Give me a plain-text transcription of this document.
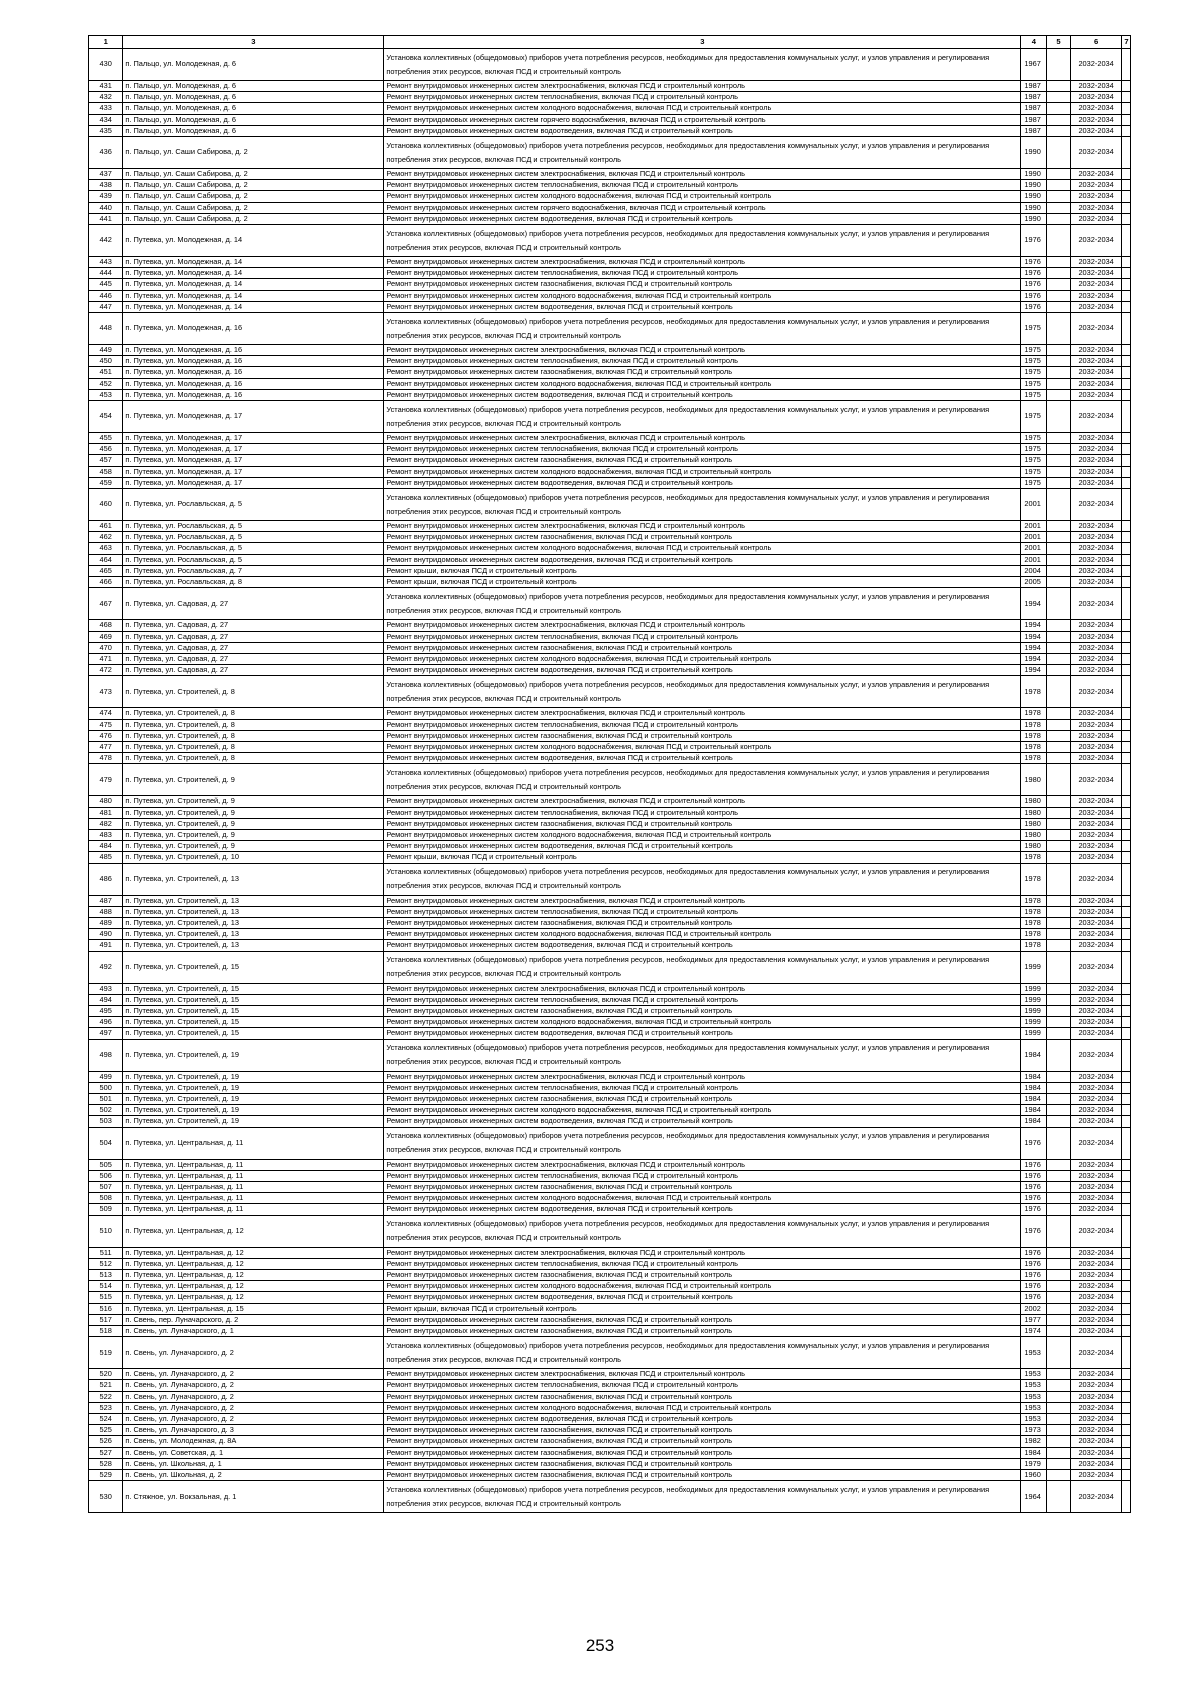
1	3	3	4	5	6	7
430	п. Пальцо, ул. Молодежная, д. 6	Установка коллективных (общедомовых) приборов учета потребления ресурсов, необходимых для предоставления коммунальных услуг, и узлов управления и регулирования потребления этих ресурсов, включая ПСД и строительный контроль	1967		2032-2034	
431	п. Пальцо, ул. Молодежная, д. 6	Ремонт внутридомовых инженерных систем электроснабжения, включая ПСД и строительный контроль	1987		2032-2034	
432	п. Пальцо, ул. Молодежная, д. 6	Ремонт внутридомовых инженерных систем теплоснабжения, включая ПСД и строительный контроль	1987		2032-2034	
433	п. Пальцо, ул. Молодежная, д. 6	Ремонт внутридомовых инженерных систем холодного водоснабжения, включая ПСД и строительный контроль	1987		2032-2034	
434	п. Пальцо, ул. Молодежная, д. 6	Ремонт внутридомовых инженерных систем горячего водоснабжения, включая ПСД и строительный контроль	1987		2032-2034	
435	п. Пальцо, ул. Молодежная, д. 6	Ремонт внутридомовых инженерных систем водоотведения, включая ПСД и строительный контроль	1987		2032-2034	
436	п. Пальцо, ул. Саши Сабирова, д. 2	Установка коллективных (общедомовых) приборов учета потребления ресурсов, необходимых для предоставления коммунальных услуг, и узлов управления и регулирования потребления этих ресурсов, включая ПСД и строительный контроль	1990		2032-2034	
437	п. Пальцо, ул. Саши Сабирова, д. 2	Ремонт внутридомовых инженерных систем электроснабжения, включая ПСД и строительный контроль	1990		2032-2034	
438	п. Пальцо, ул. Саши Сабирова, д. 2	Ремонт внутридомовых инженерных систем теплоснабжения, включая ПСД и строительный контроль	1990		2032-2034	
439	п. Пальцо, ул. Саши Сабирова, д. 2	Ремонт внутридомовых инженерных систем холодного водоснабжения, включая ПСД и строительный контроль	1990		2032-2034	
440	п. Пальцо, ул. Саши Сабирова, д. 2	Ремонт внутридомовых инженерных систем горячего водоснабжения, включая ПСД и строительный контроль	1990		2032-2034	
441	п. Пальцо, ул. Саши Сабирова, д. 2	Ремонт внутридомовых инженерных систем водоотведения, включая ПСД и строительный контроль	1990		2032-2034	
442	п. Путевка, ул. Молодежная, д. 14	Установка коллективных (общедомовых) приборов учета потребления ресурсов, необходимых для предоставления коммунальных услуг, и узлов управления и регулирования потребления этих ресурсов, включая ПСД и строительный контроль	1976		2032-2034	
443	п. Путевка, ул. Молодежная, д. 14	Ремонт внутридомовых инженерных систем электроснабжения, включая ПСД и строительный контроль	1976		2032-2034	
444	п. Путевка, ул. Молодежная, д. 14	Ремонт внутридомовых инженерных систем теплоснабжения, включая ПСД и строительный контроль	1976		2032-2034	
445	п. Путевка, ул. Молодежная, д. 14	Ремонт внутридомовых инженерных систем газоснабжения, включая ПСД и строительный контроль	1976		2032-2034	
446	п. Путевка, ул. Молодежная, д. 14	Ремонт внутридомовых инженерных систем холодного водоснабжения, включая ПСД и строительный контроль	1976		2032-2034	
447	п. Путевка, ул. Молодежная, д. 14	Ремонт внутридомовых инженерных систем водоотведения, включая ПСД и строительный контроль	1976		2032-2034	
448	п. Путевка, ул. Молодежная, д. 16	Установка коллективных (общедомовых) приборов учета потребления ресурсов, необходимых для предоставления коммунальных услуг, и узлов управления и регулирования потребления этих ресурсов, включая ПСД и строительный контроль	1975		2032-2034	
449	п. Путевка, ул. Молодежная, д. 16	Ремонт внутридомовых инженерных систем электроснабжения, включая ПСД и строительный контроль	1975		2032-2034	
450	п. Путевка, ул. Молодежная, д. 16	Ремонт внутридомовых инженерных систем теплоснабжения, включая ПСД и строительный контроль	1975		2032-2034	
451	п. Путевка, ул. Молодежная, д. 16	Ремонт внутридомовых инженерных систем газоснабжения, включая ПСД и строительный контроль	1975		2032-2034	
452	п. Путевка, ул. Молодежная, д. 16	Ремонт внутридомовых инженерных систем холодного водоснабжения, включая ПСД и строительный контроль	1975		2032-2034	
453	п. Путевка, ул. Молодежная, д. 16	Ремонт внутридомовых инженерных систем водоотведения, включая ПСД и строительный контроль	1975		2032-2034	
454	п. Путевка, ул. Молодежная, д. 17	Установка коллективных (общедомовых) приборов учета потребления ресурсов, необходимых для предоставления коммунальных услуг, и узлов управления и регулирования потребления этих ресурсов, включая ПСД и строительный контроль	1975		2032-2034	
455	п. Путевка, ул. Молодежная, д. 17	Ремонт внутридомовых инженерных систем электроснабжения, включая ПСД и строительный контроль	1975		2032-2034	
456	п. Путевка, ул. Молодежная, д. 17	Ремонт внутридомовых инженерных систем теплоснабжения, включая ПСД и строительный контроль	1975		2032-2034	
457	п. Путевка, ул. Молодежная, д. 17	Ремонт внутридомовых инженерных систем газоснабжения, включая ПСД и строительный контроль	1975		2032-2034	
458	п. Путевка, ул. Молодежная, д. 17	Ремонт внутридомовых инженерных систем холодного водоснабжения, включая ПСД и строительный контроль	1975		2032-2034	
459	п. Путевка, ул. Молодежная, д. 17	Ремонт внутридомовых инженерных систем водоотведения, включая ПСД и строительный контроль	1975		2032-2034	
460	п. Путевка, ул. Рославльская, д. 5	Установка коллективных (общедомовых) приборов учета потребления ресурсов, необходимых для предоставления коммунальных услуг, и узлов управления и регулирования потребления этих ресурсов, включая ПСД и строительный контроль	2001		2032-2034	
461	п. Путевка, ул. Рославльская, д. 5	Ремонт внутридомовых инженерных систем электроснабжения, включая ПСД и строительный контроль	2001		2032-2034	
462	п. Путевка, ул. Рославльская, д. 5	Ремонт внутридомовых инженерных систем газоснабжения, включая ПСД и строительный контроль	2001		2032-2034	
463	п. Путевка, ул. Рославльская, д. 5	Ремонт внутридомовых инженерных систем холодного водоснабжения, включая ПСД и строительный контроль	2001		2032-2034	
464	п. Путевка, ул. Рославльская, д. 5	Ремонт внутридомовых инженерных систем водоотведения, включая ПСД и строительный контроль	2001		2032-2034	
465	п. Путевка, ул. Рославльская, д. 7	Ремонт крыши, включая ПСД и строительный контроль	2004		2032-2034	
466	п. Путевка, ул. Рославльская, д. 8	Ремонт крыши, включая ПСД и строительный контроль	2005		2032-2034	
467	п. Путевка, ул. Садовая, д. 27	Установка коллективных (общедомовых) приборов учета потребления ресурсов, необходимых для предоставления коммунальных услуг, и узлов управления и регулирования потребления этих ресурсов, включая ПСД и строительный контроль	1994		2032-2034	
468	п. Путевка, ул. Садовая, д. 27	Ремонт внутридомовых инженерных систем электроснабжения, включая ПСД и строительный контроль	1994		2032-2034	
469	п. Путевка, ул. Садовая, д. 27	Ремонт внутридомовых инженерных систем теплоснабжения, включая ПСД и строительный контроль	1994		2032-2034	
470	п. Путевка, ул. Садовая, д. 27	Ремонт внутридомовых инженерных систем газоснабжения, включая ПСД и строительный контроль	1994		2032-2034	
471	п. Путевка, ул. Садовая, д. 27	Ремонт внутридомовых инженерных систем холодного водоснабжения, включая ПСД и строительный контроль	1994		2032-2034	
472	п. Путевка, ул. Садовая, д. 27	Ремонт внутридомовых инженерных систем водоотведения, включая ПСД и строительный контроль	1994		2032-2034	
473	п. Путевка, ул. Строителей, д. 8	Установка коллективных (общедомовых) приборов учета потребления ресурсов, необходимых для предоставления коммунальных услуг, и узлов управления и регулирования потребления этих ресурсов, включая ПСД и строительный контроль	1978		2032-2034	
474	п. Путевка, ул. Строителей, д. 8	Ремонт внутридомовых инженерных систем электроснабжения, включая ПСД и строительный контроль	1978		2032-2034	
475	п. Путевка, ул. Строителей, д. 8	Ремонт внутридомовых инженерных систем теплоснабжения, включая ПСД и строительный контроль	1978		2032-2034	
476	п. Путевка, ул. Строителей, д. 8	Ремонт внутридомовых инженерных систем газоснабжения, включая ПСД и строительный контроль	1978		2032-2034	
477	п. Путевка, ул. Строителей, д. 8	Ремонт внутридомовых инженерных систем холодного водоснабжения, включая ПСД и строительный контроль	1978		2032-2034	
478	п. Путевка, ул. Строителей, д. 8	Ремонт внутридомовых инженерных систем водоотведения, включая ПСД и строительный контроль	1978		2032-2034	
479	п. Путевка, ул. Строителей, д. 9	Установка коллективных (общедомовых) приборов учета потребления ресурсов, необходимых для предоставления коммунальных услуг, и узлов управления и регулирования потребления этих ресурсов, включая ПСД и строительный контроль	1980		2032-2034	
480	п. Путевка, ул. Строителей, д. 9	Ремонт внутридомовых инженерных систем электроснабжения, включая ПСД и строительный контроль	1980		2032-2034	
481	п. Путевка, ул. Строителей, д. 9	Ремонт внутридомовых инженерных систем теплоснабжения, включая ПСД и строительный контроль	1980		2032-2034	
482	п. Путевка, ул. Строителей, д. 9	Ремонт внутридомовых инженерных систем газоснабжения, включая ПСД и строительный контроль	1980		2032-2034	
483	п. Путевка, ул. Строителей, д. 9	Ремонт внутридомовых инженерных систем холодного водоснабжения, включая ПСД и строительный контроль	1980		2032-2034	
484	п. Путевка, ул. Строителей, д. 9	Ремонт внутридомовых инженерных систем водоотведения, включая ПСД и строительный контроль	1980		2032-2034	
485	п. Путевка, ул. Строителей, д. 10	Ремонт крыши, включая ПСД и строительный контроль	1978		2032-2034	
486	п. Путевка, ул. Строителей, д. 13	Установка коллективных (общедомовых) приборов учета потребления ресурсов, необходимых для предоставления коммунальных услуг, и узлов управления и регулирования потребления этих ресурсов, включая ПСД и строительный контроль	1978		2032-2034	
487	п. Путевка, ул. Строителей, д. 13	Ремонт внутридомовых инженерных систем электроснабжения, включая ПСД и строительный контроль	1978		2032-2034	
488	п. Путевка, ул. Строителей, д. 13	Ремонт внутридомовых инженерных систем теплоснабжения, включая ПСД и строительный контроль	1978		2032-2034	
489	п. Путевка, ул. Строителей, д. 13	Ремонт внутридомовых инженерных систем газоснабжения, включая ПСД и строительный контроль	1978		2032-2034	
490	п. Путевка, ул. Строителей, д. 13	Ремонт внутридомовых инженерных систем холодного водоснабжения, включая ПСД и строительный контроль	1978		2032-2034	
491	п. Путевка, ул. Строителей, д. 13	Ремонт внутридомовых инженерных систем водоотведения, включая ПСД и строительный контроль	1978		2032-2034	
492	п. Путевка, ул. Строителей, д. 15	Установка коллективных (общедомовых) приборов учета потребления ресурсов, необходимых для предоставления коммунальных услуг, и узлов управления и регулирования потребления этих ресурсов, включая ПСД и строительный контроль	1999		2032-2034	
493	п. Путевка, ул. Строителей, д. 15	Ремонт внутридомовых инженерных систем электроснабжения, включая ПСД и строительный контроль	1999		2032-2034	
494	п. Путевка, ул. Строителей, д. 15	Ремонт внутридомовых инженерных систем теплоснабжения, включая ПСД и строительный контроль	1999		2032-2034	
495	п. Путевка, ул. Строителей, д. 15	Ремонт внутридомовых инженерных систем газоснабжения, включая ПСД и строительный контроль	1999		2032-2034	
496	п. Путевка, ул. Строителей, д. 15	Ремонт внутридомовых инженерных систем холодного водоснабжения, включая ПСД и строительный контроль	1999		2032-2034	
497	п. Путевка, ул. Строителей, д. 15	Ремонт внутридомовых инженерных систем водоотведения, включая ПСД и строительный контроль	1999		2032-2034	
498	п. Путевка, ул. Строителей, д. 19	Установка коллективных (общедомовых) приборов учета потребления ресурсов, необходимых для предоставления коммунальных услуг, и узлов управления и регулирования потребления этих ресурсов, включая ПСД и строительный контроль	1984		2032-2034	
499	п. Путевка, ул. Строителей, д. 19	Ремонт внутридомовых инженерных систем электроснабжения, включая ПСД и строительный контроль	1984		2032-2034	
500	п. Путевка, ул. Строителей, д. 19	Ремонт внутридомовых инженерных систем теплоснабжения, включая ПСД и строительный контроль	1984		2032-2034	
501	п. Путевка, ул. Строителей, д. 19	Ремонт внутридомовых инженерных систем газоснабжения, включая ПСД и строительный контроль	1984		2032-2034	
502	п. Путевка, ул. Строителей, д. 19	Ремонт внутридомовых инженерных систем холодного водоснабжения, включая ПСД и строительный контроль	1984		2032-2034	
503	п. Путевка, ул. Строителей, д. 19	Ремонт внутридомовых инженерных систем водоотведения, включая ПСД и строительный контроль	1984		2032-2034	
504	п. Путевка, ул. Центральная, д. 11	Установка коллективных (общедомовых) приборов учета потребления ресурсов, необходимых для предоставления коммунальных услуг, и узлов управления и регулирования потребления этих ресурсов, включая ПСД и строительный контроль	1976		2032-2034	
505	п. Путевка, ул. Центральная, д. 11	Ремонт внутридомовых инженерных систем электроснабжения, включая ПСД и строительный контроль	1976		2032-2034	
506	п. Путевка, ул. Центральная, д. 11	Ремонт внутридомовых инженерных систем теплоснабжения, включая ПСД и строительный контроль	1976		2032-2034	
507	п. Путевка, ул. Центральная, д. 11	Ремонт внутридомовых инженерных систем газоснабжения, включая ПСД и строительный контроль	1976		2032-2034	
508	п. Путевка, ул. Центральная, д. 11	Ремонт внутридомовых инженерных систем холодного водоснабжения, включая ПСД и строительный контроль	1976		2032-2034	
509	п. Путевка, ул. Центральная, д. 11	Ремонт внутридомовых инженерных систем водоотведения, включая ПСД и строительный контроль	1976		2032-2034	
510	п. Путевка, ул. Центральная, д. 12	Установка коллективных (общедомовых) приборов учета потребления ресурсов, необходимых для предоставления коммунальных услуг, и узлов управления и регулирования потребления этих ресурсов, включая ПСД и строительный контроль	1976		2032-2034	
511	п. Путевка, ул. Центральная, д. 12	Ремонт внутридомовых инженерных систем электроснабжения, включая ПСД и строительный контроль	1976		2032-2034	
512	п. Путевка, ул. Центральная, д. 12	Ремонт внутридомовых инженерных систем теплоснабжения, включая ПСД и строительный контроль	1976		2032-2034	
513	п. Путевка, ул. Центральная, д. 12	Ремонт внутридомовых инженерных систем газоснабжения, включая ПСД и строительный контроль	1976		2032-2034	
514	п. Путевка, ул. Центральная, д. 12	Ремонт внутридомовых инженерных систем холодного водоснабжения, включая ПСД и строительный контроль	1976		2032-2034	
515	п. Путевка, ул. Центральная, д. 12	Ремонт внутридомовых инженерных систем водоотведения, включая ПСД и строительный контроль	1976		2032-2034	
516	п. Путевка, ул. Центральная, д. 15	Ремонт крыши, включая ПСД и строительный контроль	2002		2032-2034	
517	п. Свень, пер. Луначарского, д. 2	Ремонт внутридомовых инженерных систем газоснабжения, включая ПСД и строительный контроль	1977		2032-2034	
518	п. Свень, ул. Луначарского, д. 1	Ремонт внутридомовых инженерных систем газоснабжения, включая ПСД и строительный контроль	1974		2032-2034	
519	п. Свень, ул. Луначарского, д. 2	Установка коллективных (общедомовых) приборов учета потребления ресурсов, необходимых для предоставления коммунальных услуг, и узлов управления и регулирования потребления этих ресурсов, включая ПСД и строительный контроль	1953		2032-2034	
520	п. Свень, ул. Луначарского, д. 2	Ремонт внутридомовых инженерных систем электроснабжения, включая ПСД и строительный контроль	1953		2032-2034	
521	п. Свень, ул. Луначарского, д. 2	Ремонт внутридомовых инженерных систем теплоснабжения, включая ПСД и строительный контроль	1953		2032-2034	
522	п. Свень, ул. Луначарского, д. 2	Ремонт внутридомовых инженерных систем газоснабжения, включая ПСД и строительный контроль	1953		2032-2034	
523	п. Свень, ул. Луначарского, д. 2	Ремонт внутридомовых инженерных систем холодного водоснабжения, включая ПСД и строительный контроль	1953		2032-2034	
524	п. Свень, ул. Луначарского, д. 2	Ремонт внутридомовых инженерных систем водоотведения, включая ПСД и строительный контроль	1953		2032-2034	
525	п. Свень, ул. Луначарского, д. 3	Ремонт внутридомовых инженерных систем газоснабжения, включая ПСД и строительный контроль	1973		2032-2034	
526	п. Свень, ул. Молодежная, д. 8А	Ремонт внутридомовых инженерных систем газоснабжения, включая ПСД и строительный контроль	1982		2032-2034	
527	п. Свень, ул. Советская, д. 1	Ремонт внутридомовых инженерных систем газоснабжения, включая ПСД и строительный контроль	1984		2032-2034	
528	п. Свень, ул. Школьная, д. 1	Ремонт внутридомовых инженерных систем газоснабжения, включая ПСД и строительный контроль	1979		2032-2034	
529	п. Свень, ул. Школьная, д. 2	Ремонт внутридомовых инженерных систем газоснабжения, включая ПСД и строительный контроль	1960		2032-2034	
530	п. Стяжное, ул. Вокзальная, д. 1	Установка коллективных (общедомовых) приборов учета потребления ресурсов, необходимых для предоставления коммунальных услуг, и узлов управления и регулирования потребления этих ресурсов, включая ПСД и строительный контроль	1964		2032-2034	
253
